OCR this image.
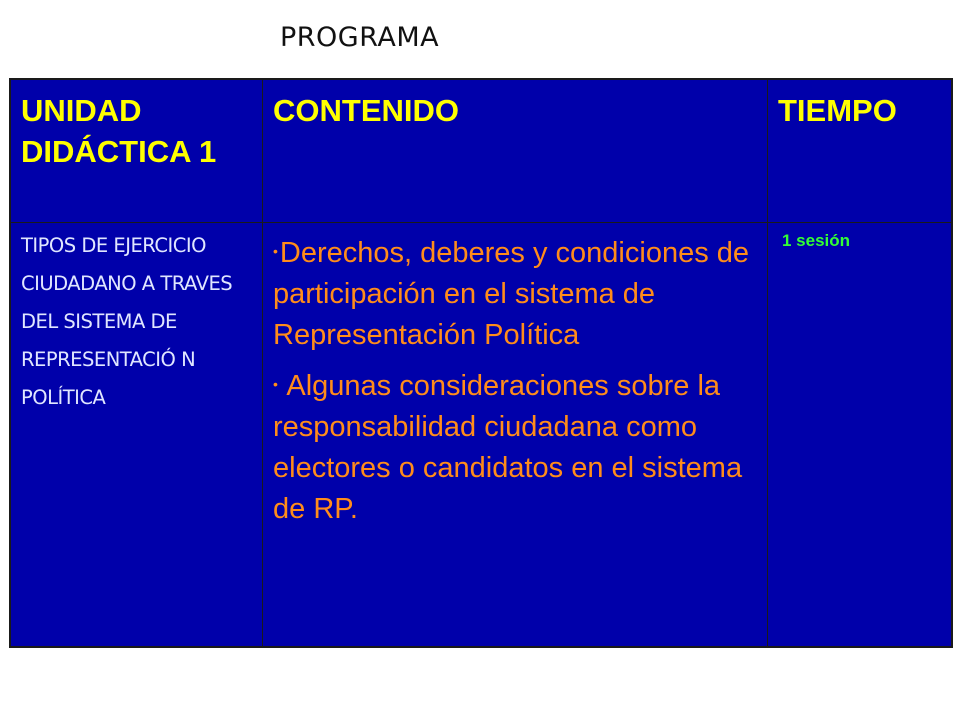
PROGRAMA
UNIDAD DIDÁCTICA 1
CONTENIDO	TIEMPO
TIPOS DE EJERCICIO CIUDADANO A TRAVES DEL SISTEMA DE REPRESENTACIÓ N POLÍTICA
•Derechos, deberes y condiciones de participación en el sistema de Representación Política
• Algunas consideraciones sobre la responsabilidad ciudadana como electores o candidatos en el sistema de RP.
1 sesión
